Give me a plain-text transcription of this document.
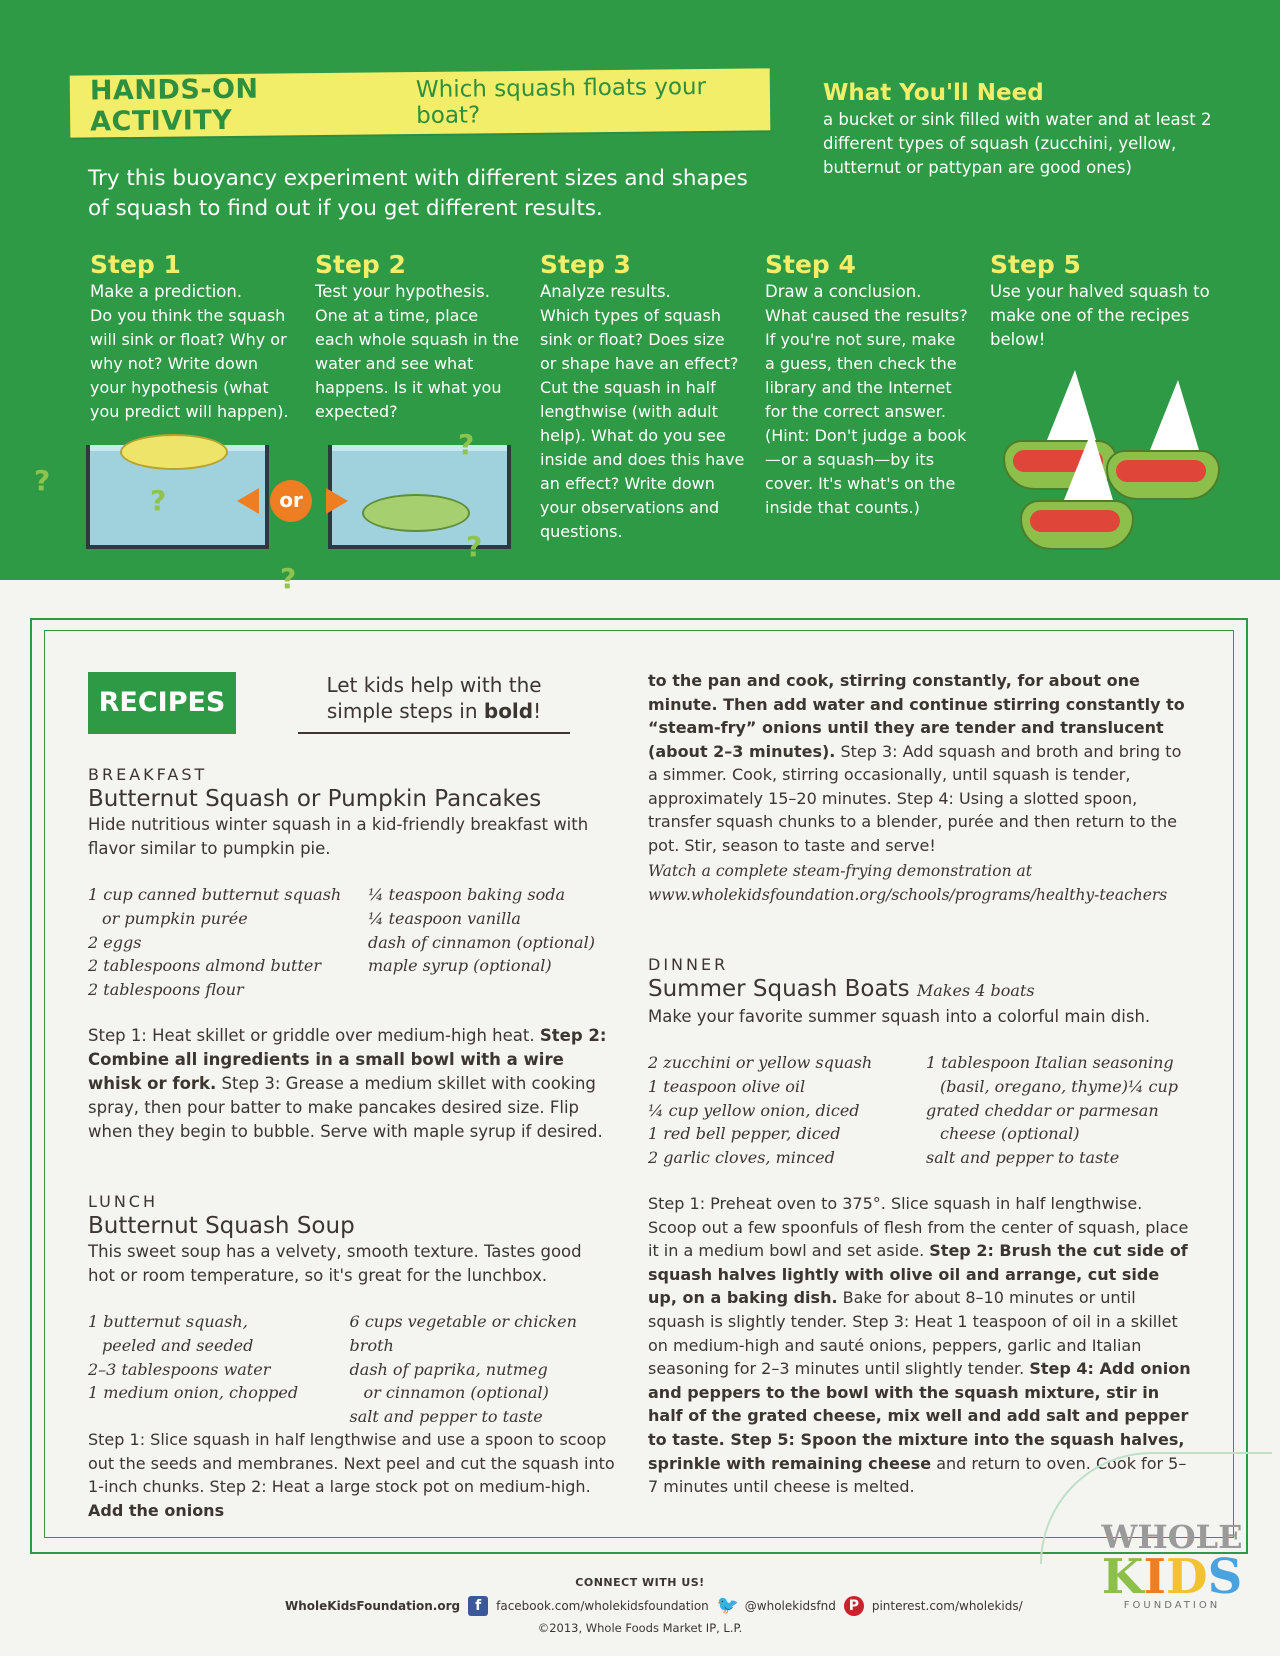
HANDS-ON ACTIVITY
Which squash floats your boat?
Try this buoyancy experiment with different sizes and shapes of squash to find out if you get different results.
What You'll Need
a bucket or sink filled with water and at least 2 different types of squash (zucchini, yellow, butternut or pattypan are good ones)
Step 1
Make a prediction.
Do you think the squash will sink or float? Why or why not? Write down your hypothesis (what you predict will happen).
Step 2
Test your hypothesis.
One at a time, place each whole squash in the water and see what happens. Is it what you expected?
Step 3
Analyze results.
Which types of squash sink or float? Does size or shape have an effect? Cut the squash in half lengthwise (with adult help). What do you see inside and does this have an effect? Write down your observations and questions.
Step 4
Draw a conclusion.
What caused the results? If you're not sure, make a guess, then check the library and the Internet for the correct answer. (Hint: Don't judge a book—or a squash—by its cover. It's what's on the inside that counts.)
Step 5
Use your halved squash to make one of the recipes below!
or
?
?
?
?
?
RECIPES
Let kids help with the
simple steps in bold!
BREAKFAST
Butternut Squash or Pumpkin Pancakes
Hide nutritious winter squash in a kid-friendly breakfast with flavor similar to pumpkin pie.
1 cup canned butternut squash
or pumpkin purée
2 eggs
2 tablespoons almond butter
2 tablespoons flour
¼ teaspoon baking soda
¼ teaspoon vanilla
dash of cinnamon (optional)
maple syrup (optional)
Step 1: Heat skillet or griddle over medium-high heat. Step 2: Combine all ingredients in a small bowl with a wire whisk or fork. Step 3: Grease a medium skillet with cooking spray, then pour batter to make pancakes desired size. Flip when they begin to bubble. Serve with maple syrup if desired.
LUNCH
Butternut Squash Soup
This sweet soup has a velvety, smooth texture. Tastes good hot or room temperature, so it's great for the lunchbox.
1 butternut squash,
peeled and seeded
2–3 tablespoons water
1 medium onion, chopped
6 cups vegetable or chicken broth
dash of paprika, nutmeg
or cinnamon (optional)
salt and pepper to taste
Step 1: Slice squash in half lengthwise and use a spoon to scoop out the seeds and membranes. Next peel and cut the squash into 1-inch chunks. Step 2: Heat a large stock pot on medium-high. Add the onions
to the pan and cook, stirring constantly, for about one minute. Then add water and continue stirring constantly to “steam-fry” onions until they are tender and translucent (about 2–3 minutes). Step 3: Add squash and broth and bring to a simmer. Cook, stirring occasionally, until squash is tender, approximately 15–20 minutes. Step 4: Using a slotted spoon, transfer squash chunks to a blender, purée and then return to the pot. Stir, season to taste and serve!
Watch a complete steam-frying demonstration at
www.wholekidsfoundation.org/schools/programs/healthy-teachers
DINNER
Summer Squash Boats Makes 4 boats
Make your favorite summer squash into a colorful main dish.
2 zucchini or yellow squash
1 teaspoon olive oil
¼ cup yellow onion, diced
1 red bell pepper, diced
2 garlic cloves, minced
1 tablespoon Italian seasoning
(basil, oregano, thyme)¼ cup
grated cheddar or parmesan
cheese (optional)
salt and pepper to taste
Step 1: Preheat oven to 375°. Slice squash in half lengthwise. Scoop out a few spoonfuls of flesh from the center of squash, place it in a medium bowl and set aside. Step 2: Brush the cut side of squash halves lightly with olive oil and arrange, cut side up, on a baking dish. Bake for about 8–10 minutes or until squash is slightly tender. Step 3: Heat 1 teaspoon of oil in a skillet on medium-high and sauté onions, peppers, garlic and Italian seasoning for 2–3 minutes until slightly tender. Step 4: Add onion and peppers to the bowl with the squash mixture, stir in half of the grated cheese, mix well and add salt and pepper to taste. Step 5: Spoon the mixture into the squash halves, sprinkle with remaining cheese and return to oven. Cook for 5–7 minutes until cheese is melted.
CONNECT WITH US!
WholeKidsFoundation.org	f	facebook.com/wholekidsfoundation 🐦 @wholekidsfnd P	pinterest.com/wholekids/
©2013, Whole Foods Market IP, L.P.
WHOLE
KIDS
FOUNDATION
